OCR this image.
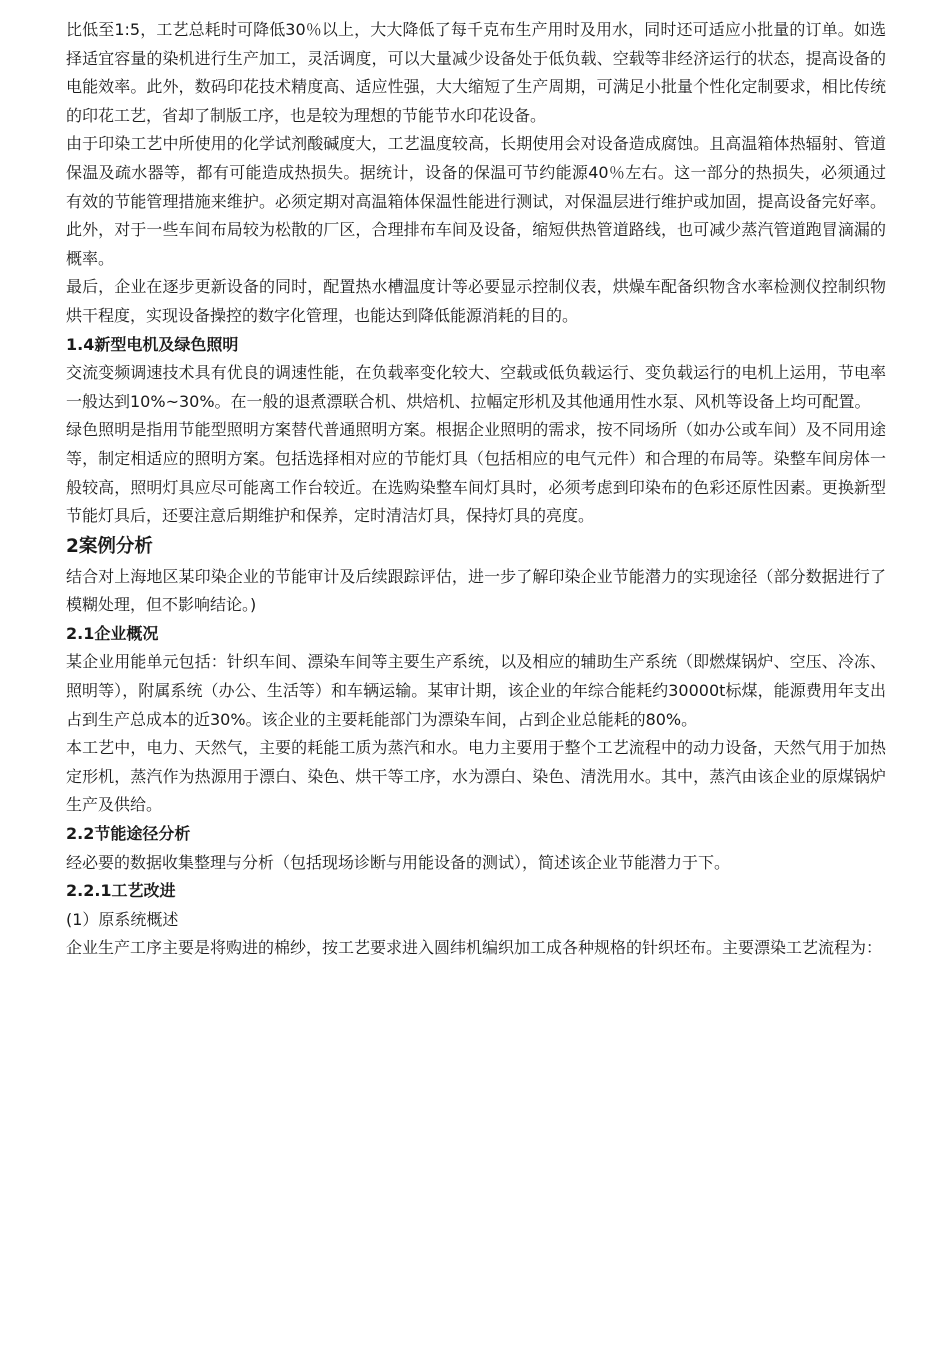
比低至1:5，工艺总耗时可降低30％以上，大大降低了每千克布生产用时及用水，同时还可适应小批量的订单。如选择适宜容量的染机进行生产加工，灵活调度，可以大量减少设备处于低负载、空载等非经济运行的状态，提高设备的电能效率。此外，数码印花技术精度高、适应性强，大大缩短了生产周期，可满足小批量个性化定制要求，相比传统的印花工艺，省却了制版工序，也是较为理想的节能节水印花设备。

由于印染工艺中所使用的化学试剂酸碱度大，工艺温度较高，长期使用会对设备造成腐蚀。且高温箱体热辐射、管道保温及疏水器等，都有可能造成热损失。据统计，设备的保温可节约能源40％左右。这一部分的热损失，必须通过有效的节能管理措施来维护。必须定期对高温箱体保温性能进行测试，对保温层进行维护或加固，提高设备完好率。此外，对于一些车间布局较为松散的厂区，合理排布车间及设备，缩短供热管道路线，也可减少蒸汽管道跑冒滴漏的概率。

最后，企业在逐步更新设备的同时，配置热水槽温度计等必要显示控制仪表，烘燥车配备织物含水率检测仪控制织物烘干程度，实现设备操控的数字化管理，也能达到降低能源消耗的目的。

1.4新型电机及绿色照明

交流变频调速技术具有优良的调速性能，在负载率变化较大、空载或低负载运行、变负载运行的电机上运用，节电率一般达到10%~30%。在一般的退煮漂联合机、烘焙机、拉幅定形机及其他通用性水泵、风机等设备上均可配置。

绿色照明是指用节能型照明方案替代普通照明方案。根据企业照明的需求，按不同场所（如办公或车间）及不同用途等，制定相适应的照明方案。包括选择相对应的节能灯具（包括相应的电气元件）和合理的布局等。染整车间房体一般较高，照明灯具应尽可能离工作台较近。在选购染整车间灯具时，必须考虑到印染布的色彩还原性因素。更换新型节能灯具后，还要注意后期维护和保养，定时清洁灯具，保持灯具的亮度。

2案例分析

结合对上海地区某印染企业的节能审计及后续跟踪评估，进一步了解印染企业节能潜力的实现途径（部分数据进行了模糊处理，但不影响结论。)

2.1企业概况

某企业用能单元包括：针织车间、漂染车间等主要生产系统，以及相应的辅助生产系统（即燃煤锅炉、空压、冷冻、照明等），附属系统（办公、生活等）和车辆运输。某审计期，该企业的年综合能耗约30000t标煤，能源费用年支出占到生产总成本的近30%。该企业的主要耗能部门为漂染车间，占到企业总能耗的80%。

本工艺中，电力、天然气，主要的耗能工质为蒸汽和水。电力主要用于整个工艺流程中的动力设备，天然气用于加热定形机，蒸汽作为热源用于漂白、染色、烘干等工序，水为漂白、染色、清洗用水。其中，蒸汽由该企业的原煤锅炉生产及供给。

2.2节能途径分析

经必要的数据收集整理与分析（包括现场诊断与用能设备的测试），简述该企业节能潜力于下。

2.2.1工艺改进

(1）原系统概述

企业生产工序主要是将购进的棉纱，按工艺要求进入圆纬机编织加工成各种规格的针织坯布。主要漂染工艺流程为：
